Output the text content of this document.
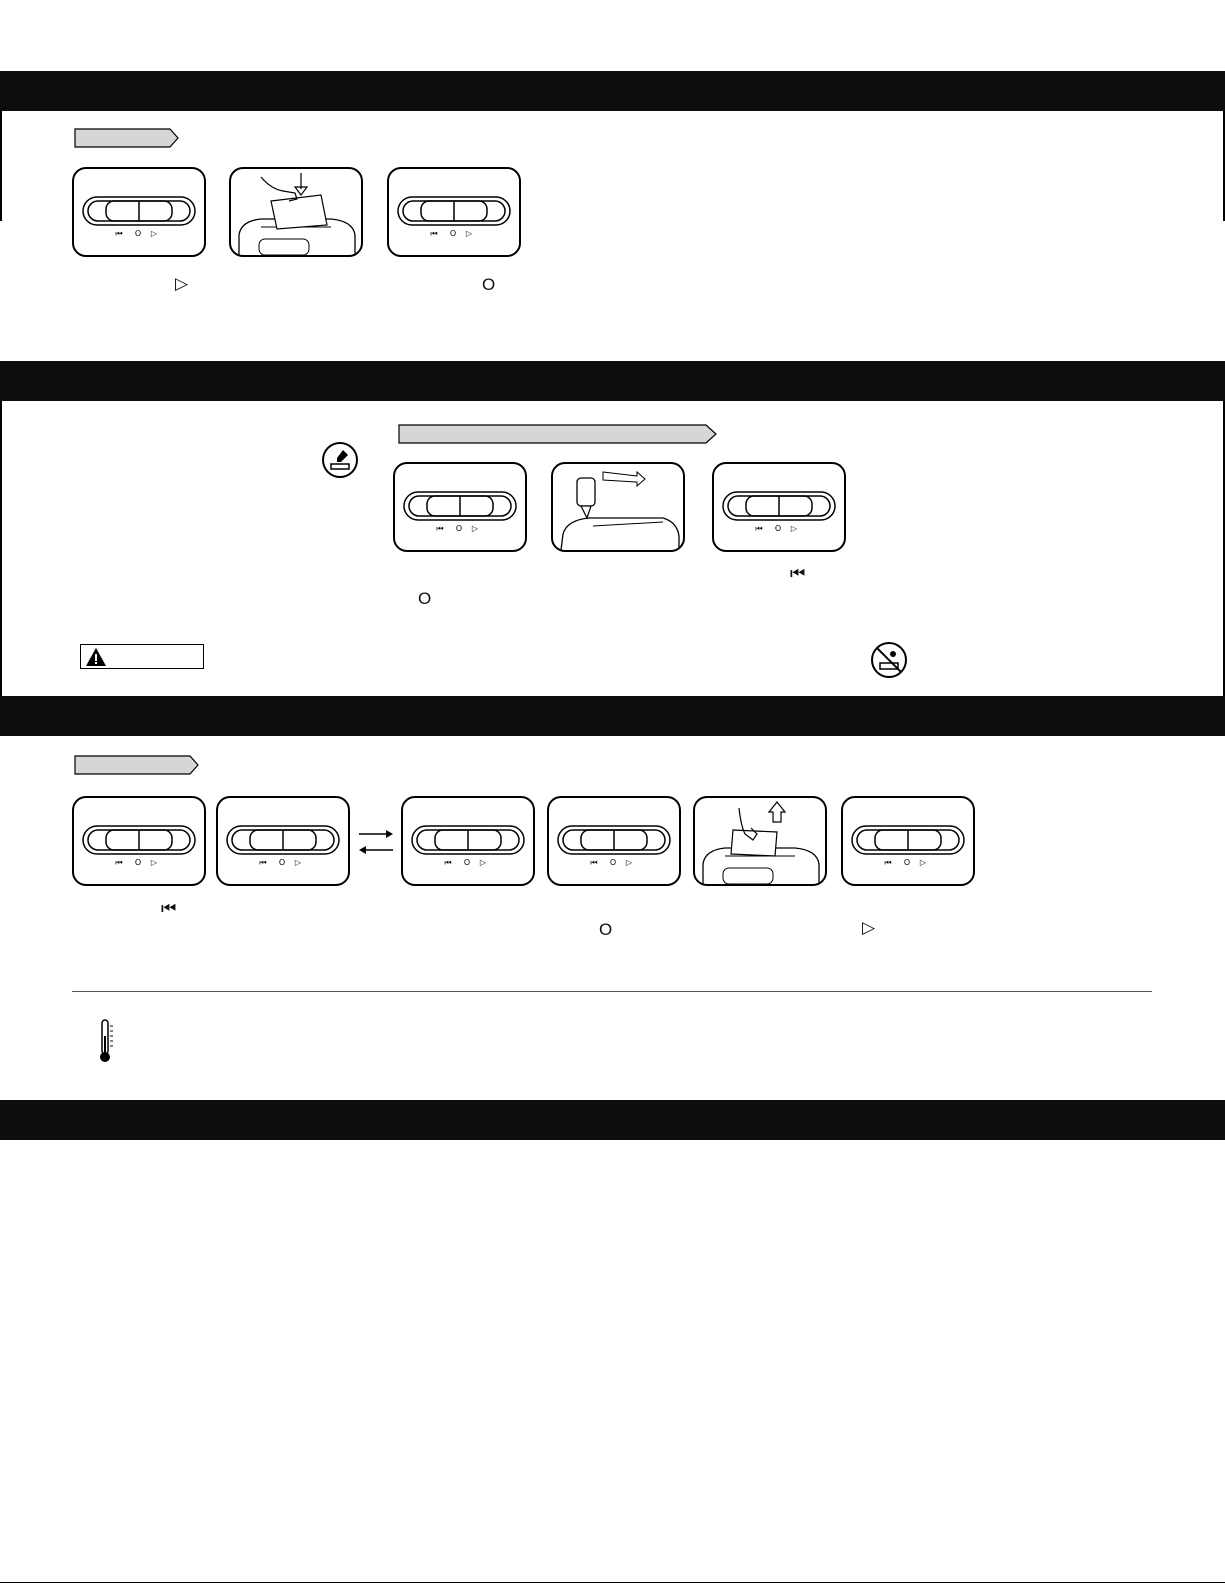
⏮ O ▷	⏮ O ▷
▷	O
⏮ O ▷	⏮ O ▷
⏮
O
⏮ O ▷	⏮ O ▷	⏮ O ▷	⏮ O ▷	⏮ O ▷
⏮
O	▷
